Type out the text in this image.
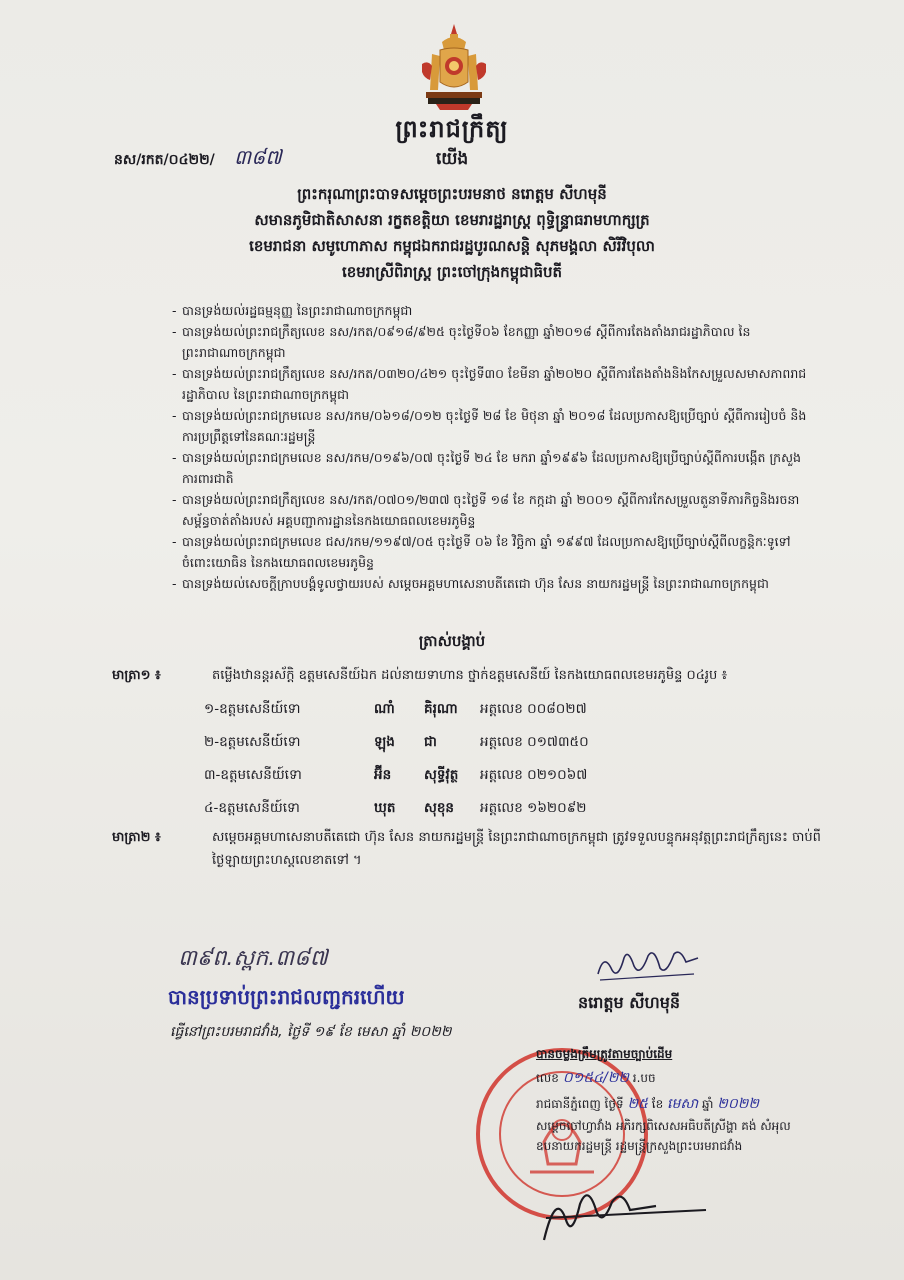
ព្រះរាជក្រឹត្យ
នស/រកត/០៤២២/ ៣៨៧	យើង
ព្រះករុណាព្រះបាទសម្តេចព្រះបរមនាថ នរោត្តម សីហមុនី
សមានភូមិជាតិសាសនា រក្ខតខត្តិយា ខេមរារដ្ឋរាស្ត្រ ពុទ្ធិន្ទ្រាធរាមហាក្សត្រ
ខេមរាជនា សមូហោភាស កម្ពុជឯករាជរដ្ឋបូរណសន្តិ សុភមង្គលា សិរីវិបុលា
ខេមរាស្រីពិរាស្ត្រ ព្រះចៅក្រុងកម្ពុជាធិបតី
- បានទ្រង់យល់រដ្ឋធម្មនុញ្ញ នៃព្រះរាជាណាចក្រកម្ពុជា
- បានទ្រង់យល់ព្រះរាជក្រឹត្យលេខ នស/រកត/០៩១៨/៩២៥ ចុះថ្ងៃទី០៦ ខែកញ្ញា ឆ្នាំ២០១៨ ស្តីពីការតែងតាំងរាជរដ្ឋាភិបាល នៃព្រះរាជាណាចក្រកម្ពុជា
- បានទ្រង់យល់ព្រះរាជក្រឹត្យលេខ នស/រកត/០៣២០/៤២១ ចុះថ្ងៃទី៣០ ខែមីនា ឆ្នាំ២០២០ ស្តីពីការតែងតាំងនិងកែសម្រួលសមាសភាពរាជរដ្ឋាភិបាល នៃព្រះរាជាណាចក្រកម្ពុជា
- បានទ្រង់យល់ព្រះរាជក្រមលេខ នស/រកម/០៦១៨/០១២ ចុះថ្ងៃទី ២៨ ខែ មិថុនា ឆ្នាំ ២០១៨ ដែលប្រកាសឱ្យប្រើច្បាប់ ស្តីពីការរៀបចំ និងការប្រព្រឹត្តទៅនៃគណៈរដ្ឋមន្ត្រី
- បានទ្រង់យល់ព្រះរាជក្រមលេខ នស/រកម/០១៩៦/០៧ ចុះថ្ងៃទី ២៤ ខែ មករា ឆ្នាំ១៩៩៦ ដែលប្រកាសឱ្យប្រើច្បាប់ស្តីពីការបង្កើត ក្រសួងការពារជាតិ
- បានទ្រង់យល់ព្រះរាជក្រឹត្យលេខ នស/រកត/០៧០១/២៣៧ ចុះថ្ងៃទី ១៨ ខែ កក្កដា ឆ្នាំ ២០០១ ស្តីពីការកែសម្រួលតួនាទីភារកិច្ចនិងរចនាសម្ព័ន្ធចាត់តាំងរបស់ អគ្គបញ្ជាការដ្ឋាននៃកងយោធពលខេមរភូមិន្ទ
- បានទ្រង់យល់ព្រះរាជក្រមលេខ ជស/រកម/១១៩៧/០៥ ចុះថ្ងៃទី ០៦ ខែ វិច្ឆិកា ឆ្នាំ ១៩៩៧ ដែលប្រកាសឱ្យប្រើច្បាប់ស្តីពីលក្ខន្តិកៈទូទៅ ចំពោះយោធិន នៃកងយោធពលខេមរភូមិន្ទ
- បានទ្រង់យល់សេចក្តីក្រាបបង្គំទូលថ្វាយរបស់ សម្តេចអគ្គមហាសេនាបតីតេជោ ហ៊ុន សែន នាយករដ្ឋមន្ត្រី នៃព្រះរាជាណាចក្រកម្ពុជា
ត្រាស់បង្គាប់
មាត្រា១ ៖	តម្លើងឋានន្តរស័ក្តិ ឧត្តមសេនីយ៍ឯក ដល់នាយទាហាន ថ្នាក់ឧត្តមសេនីយ៍ នៃកងយោធពលខេមរភូមិន្ទ ០៤រូប ៖
១-ឧត្តមសេនីយ៍ទោ	ណាំ គិរុណា អត្តលេខ ០០៨០២៧
២-ឧត្តមសេនីយ៍ទោ	ឡុង ជា	អត្តលេខ ០១៧៣៥០
៣-ឧត្តមសេនីយ៍ទោ	អ៊ីន សុទ្ធីវុត្ថ អត្តលេខ ០២១០៦៧
៤-ឧត្តមសេនីយ៍ទោ	ឃុត សុខុន អត្តលេខ ១៦២០៩២
មាត្រា២ ៖	សម្តេចអគ្គមហាសេនាបតីតេជោ ហ៊ុន សែន នាយករដ្ឋមន្ត្រី នៃព្រះរាជាណាចក្រកម្ពុជា ត្រូវទទួលបន្ទុកអនុវត្តព្រះរាជក្រឹត្យនេះ ចាប់ពីថ្ងៃឡាយព្រះហស្តលេខាតទៅ ។
៣៩ព.ស្ពក.៣៨៧
បានប្រទាប់ព្រះរាជលញ្ជករហើយ
ធ្វើនៅព្រះបរមរាជវាំង, ថ្ងៃទី ១៩ ខែ មេសា ឆ្នាំ ២០២២
នរោត្តម សីហមុនី
បានចម្លងត្រឹមត្រូវតាមច្បាប់ដើម
លេខ ០១៥៤/២២ រ.បច
រាជធានីភ្នំពេញ ថ្ងៃទី ២៥ ខែ មេសា ឆ្នាំ ២០២២
សម្តេចចៅហ្វាវាំង អភិរក្សពិសេសអធិបតីស្រីង្ហា គង់ សំអុល
ឧបនាយករដ្ឋមន្ត្រី រដ្ឋមន្ត្រីក្រសួងព្រះបរមរាជវាំង
